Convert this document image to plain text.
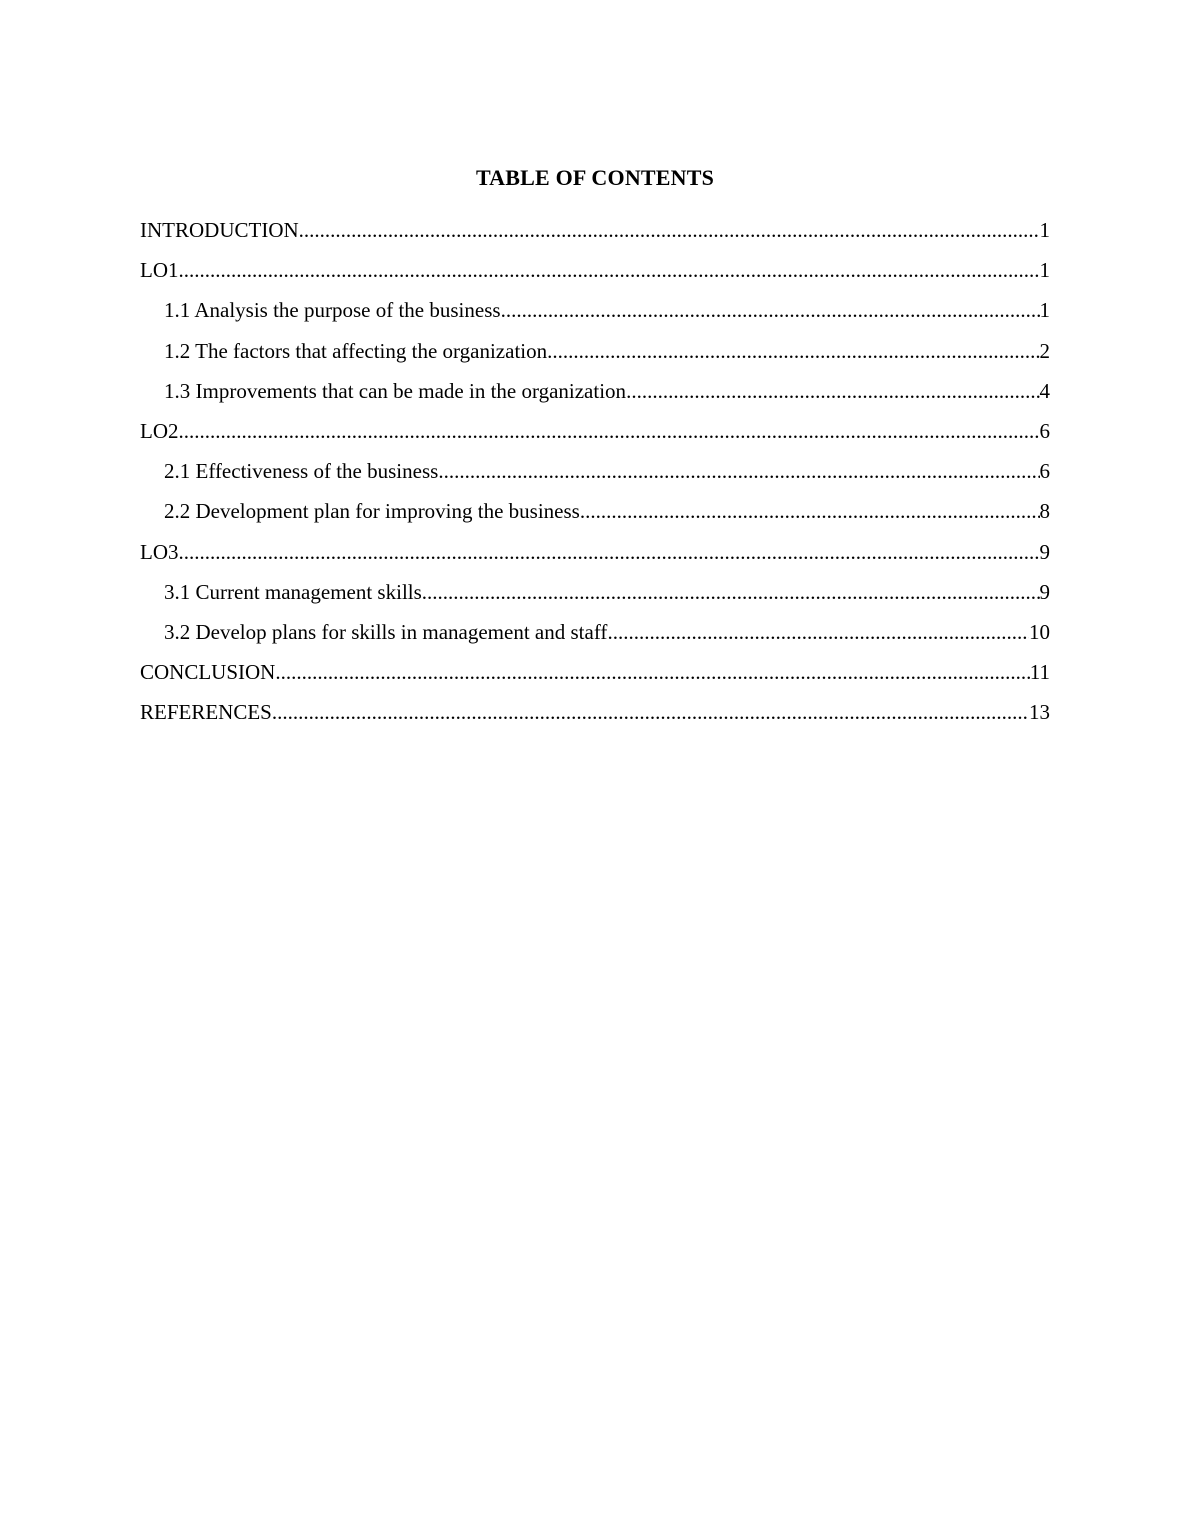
TABLE OF CONTENTS
INTRODUCTION .....	1
LO1 .....	1
1.1 Analysis the purpose of the business .....	1
1.2 The factors that affecting the organization .....	2
1.3 Improvements that can be made in the organization .....	4
LO2 .....	6
2.1 Effectiveness of the business .....	6
2.2 Development plan for improving the business .....	8
LO3 .....	9
3.1 Current management skills .....	9
3.2 Develop plans for skills in management and staff .....	10
CONCLUSION .....	11
REFERENCES .....	13
